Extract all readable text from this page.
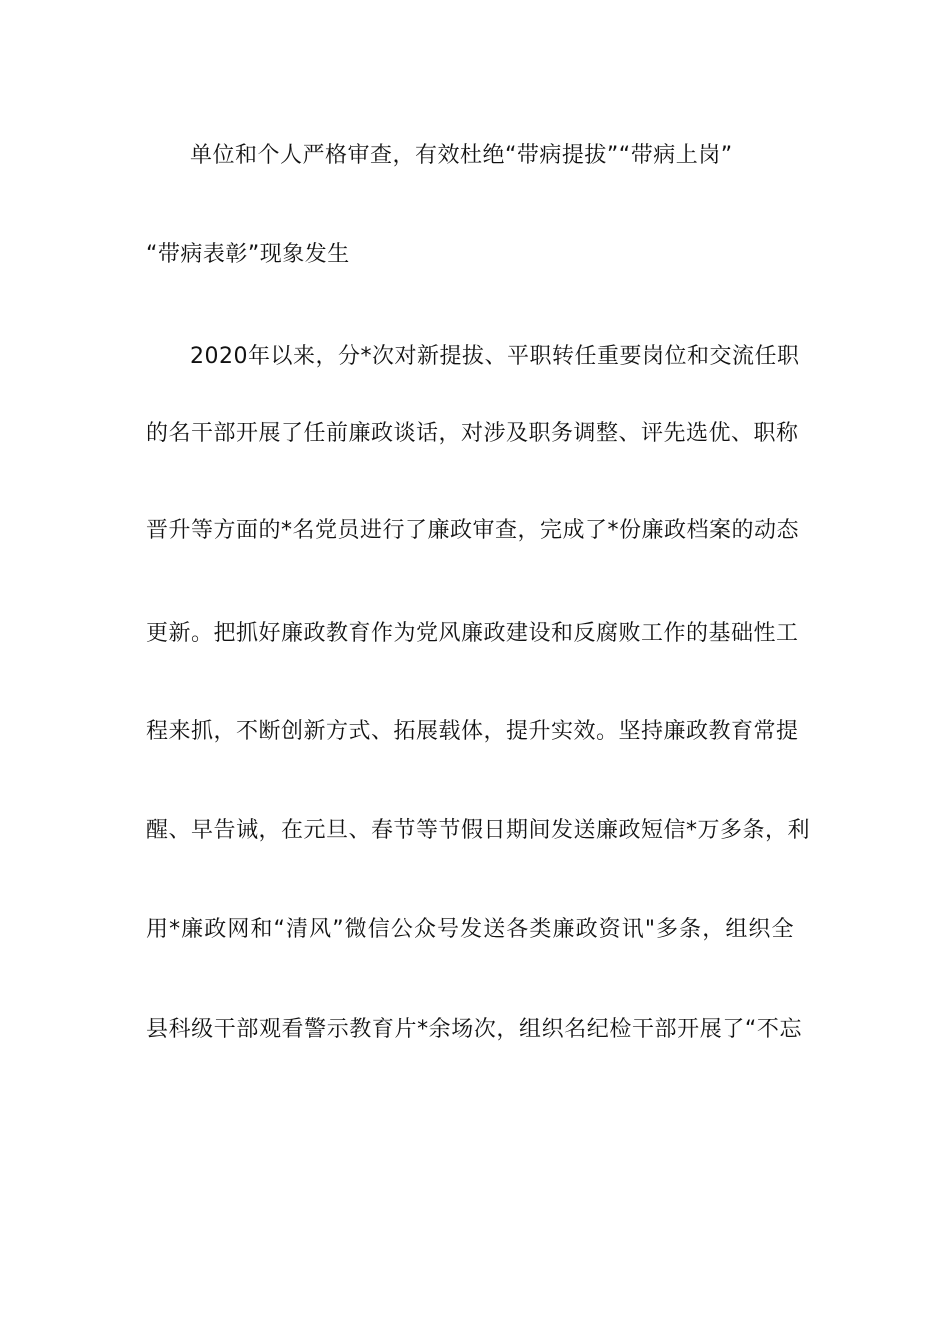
单位和个人严格审查，有效杜绝“带病提拔”“带病上岗”
“带病表彰”现象发生
2020年以来，分*次对新提拔、平职转任重要岗位和交流任职
的名干部开展了任前廉政谈话，对涉及职务调整、评先选优、职称
晋升等方面的*名党员进行了廉政审查，完成了*份廉政档案的动态
更新。把抓好廉政教育作为党风廉政建设和反腐败工作的基础性工
程来抓，不断创新方式、拓展载体，提升实效。坚持廉政教育常提
醒、早告诫，在元旦、春节等节假日期间发送廉政短信*万多条，利
用*廉政网和“清风”微信公众号发送各类廉政资讯"多条，组织全
县科级干部观看警示教育片*余场次，组织名纪检干部开展了“不忘
